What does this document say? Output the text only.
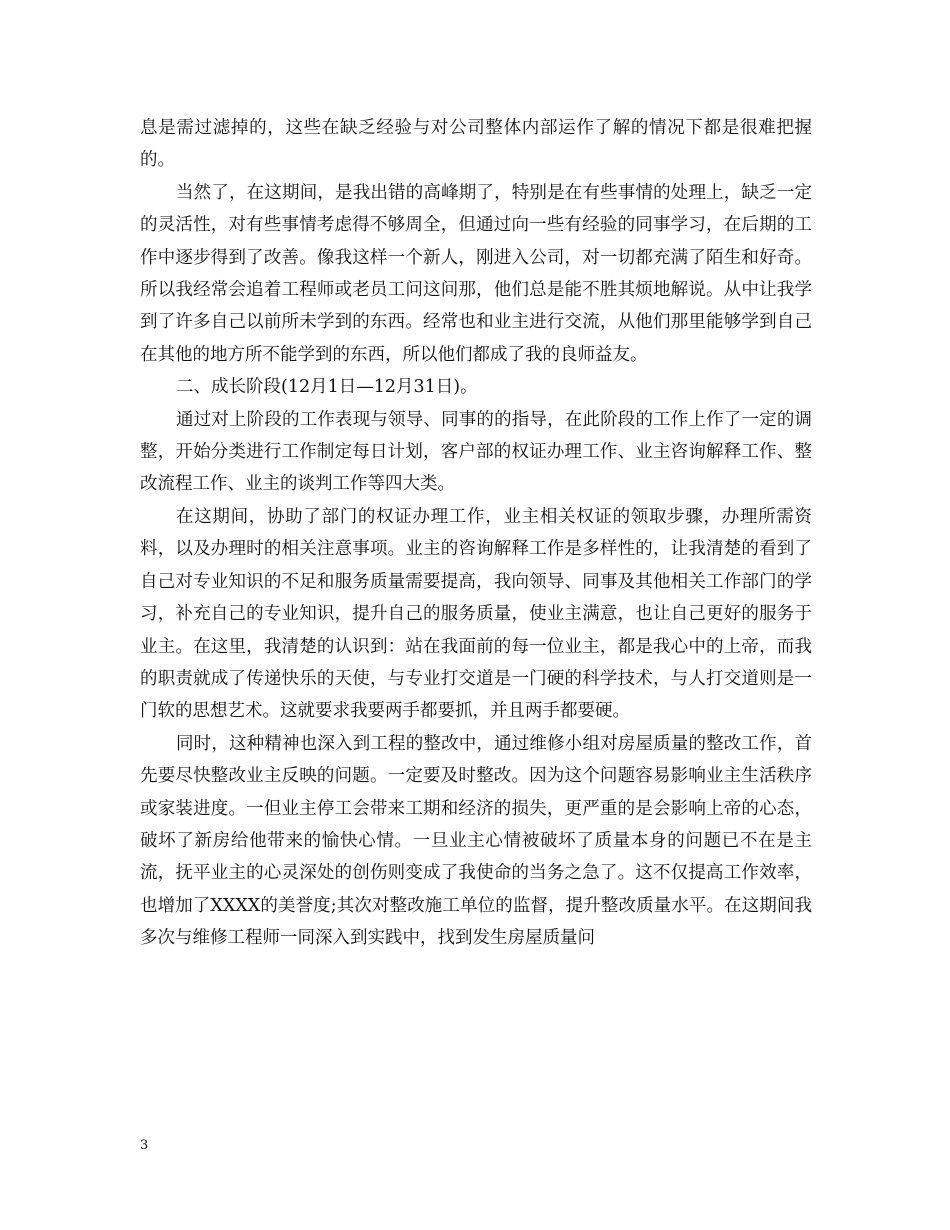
息是需过滤掉的，这些在缺乏经验与对公司整体内部运作了解的情况下都是很难把握的。

当然了，在这期间，是我出错的高峰期了，特别是在有些事情的处理上，缺乏一定的灵活性，对有些事情考虑得不够周全，但通过向一些有经验的同事学习，在后期的工作中逐步得到了改善。像我这样一个新人，刚进入公司，对一切都充满了陌生和好奇。所以我经常会追着工程师或老员工问这问那，他们总是能不胜其烦地解说。从中让我学到了许多自己以前所未学到的东西。经常也和业主进行交流，从他们那里能够学到自己在其他的地方所不能学到的东西，所以他们都成了我的良师益友。

二、成长阶段(12月1日—12月31日)。

通过对上阶段的工作表现与领导、同事的的指导，在此阶段的工作上作了一定的调整，开始分类进行工作制定每日计划，客户部的权证办理工作、业主咨询解释工作、整改流程工作、业主的谈判工作等四大类。

在这期间，协助了部门的权证办理工作，业主相关权证的领取步骤，办理所需资料，以及办理时的相关注意事项。业主的咨询解释工作是多样性的，让我清楚的看到了自己对专业知识的不足和服务质量需要提高，我向领导、同事及其他相关工作部门的学习，补充自己的专业知识，提升自己的服务质量，使业主满意，也让自己更好的服务于业主。在这里，我清楚的认识到：站在我面前的每一位业主，都是我心中的上帝，而我的职责就成了传递快乐的天使，与专业打交道是一门硬的科学技术，与人打交道则是一门软的思想艺术。这就要求我要两手都要抓，并且两手都要硬。

同时，这种精神也深入到工程的整改中，通过维修小组对房屋质量的整改工作，首先要尽快整改业主反映的问题。一定要及时整改。因为这个问题容易影响业主生活秩序或家装进度。一但业主停工会带来工期和经济的损失，更严重的是会影响上帝的心态，破坏了新房给他带来的愉快心情。一旦业主心情被破坏了质量本身的问题已不在是主流，抚平业主的心灵深处的创伤则变成了我使命的当务之急了。这不仅提高工作效率，也增加了XXXX的美誉度;其次对整改施工单位的监督，提升整改质量水平。在这期间我多次与维修工程师一同深入到实践中，找到发生房屋质量问

3
